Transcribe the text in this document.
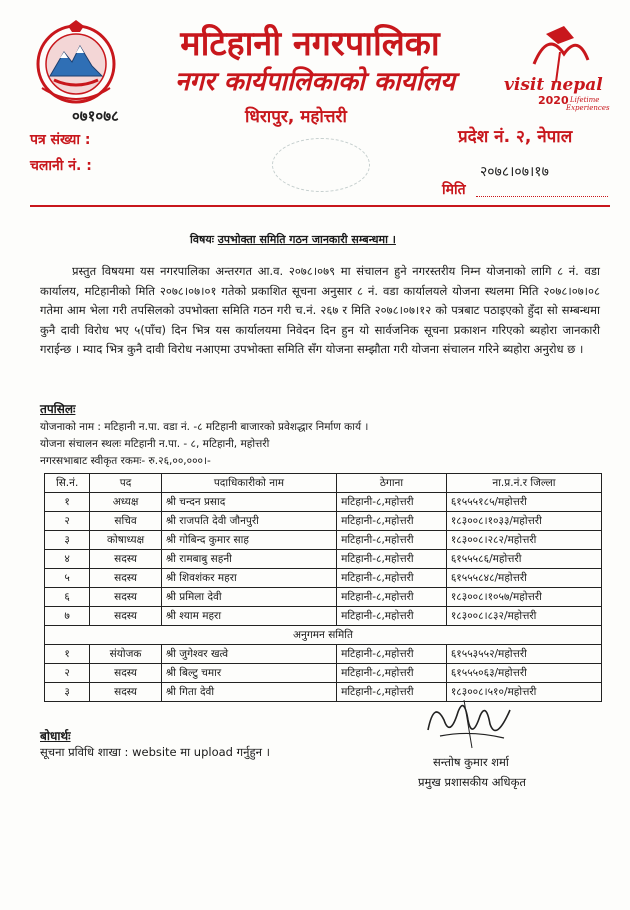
मटिहानी नगरपालिका
नगर कार्यपालिकाको कार्यालय	visit nepal
2020 Lifetime
Experiences
०७१०७८	धिरापुर, महोत्तरी
प्रदेश नं. २, नेपाल
पत्र संख्या :
चलानी नं. :	२०७८।०७।१७
मिति
विषयः उपभोक्ता समिति गठन जानकारी सम्बन्धमा ।
प्रस्तुत विषयमा यस नगरपालिका अन्तरगत आ.व. २०७८।०७९ मा संचालन हुने नगरस्तरीय निम्न योजनाको लागि ८ नं. वडा कार्यालय, मटिहानीको मिति २०७८।०७।०१ गतेको प्रकाशित सूचना अनुसार ८ नं. वडा कार्यालयले योजना स्थलमा मिति २०७८।०७।०८ गतेमा आम भेला गरी तपसिलको उपभोक्ता समिति गठन गरी च.नं. २६७ र मिति २०७८।०७।१२ को पत्रबाट पठाइएको हुँदा सो सम्बन्धमा कुनै दावी विरोध भए ५(पाँच) दिन भित्र यस कार्यालयमा निवेदन दिन हुन यो सार्वजनिक सूचना प्रकाशन गरिएको ब्यहोरा जानकारी गराईन्छ । म्याद भित्र कुनै दावी विरोध नआएमा उपभोक्ता समिति सँग योजना सम्झौता गरी योजना संचालन गरिने ब्यहोरा अनुरोध छ ।
तपसिलः
योजनाको नाम : मटिहानी न.पा. वडा नं. -८ मटिहानी बाजारको प्रवेशद्धार निर्माण कार्य ।
योजना संचालन स्थलः मटिहानी न.पा. - ८, मटिहानी, महोत्तरी
नगरसभाबाट स्वीकृत रकमः- रु.२६,००,०००।-
सि.नं.	पद	पदाधिकारीको नाम	ठेगाना	ना.प्र.नं.र जिल्ला
१	अध्यक्ष	श्री चन्दन प्रसाद	मटिहानी-८,महोत्तरी	६१५५५१८५/महोत्तरी
२	सचिव	श्री राजपति देवी जौनपुरी	मटिहानी-८,महोत्तरी	१८३००८।१०३३/महोत्तरी
३	कोषाध्यक्ष	श्री गोबिन्द कुमार साह	मटिहानी-८,महोत्तरी	१८३००८।२८२/महोत्तरी
४	सदस्य	श्री रामबाबु सहनी	मटिहानी-८,महोत्तरी	६१५५५८६/महोत्तरी
५	सदस्य	श्री शिवशंकर महरा	मटिहानी-८,महोत्तरी	६१५५५८४८/महोत्तरी
६	सदस्य	श्री प्रमिला देवी	मटिहानी-८,महोत्तरी	१८३००८।१०५७/महोत्तरी
७	सदस्य	श्री श्याम महरा	मटिहानी-८,महोत्तरी	१८३००८।८३२/महोत्तरी
अनुगमन समिति				
१	संयोजक	श्री जुगेश्वर खत्वे	मटिहानी-८,महोत्तरी	६१५५३५५२/महोत्तरी
२	सदस्य	श्री बिल्टु चमार	मटिहानी-८,महोत्तरी	६१५५५०६३/महोत्तरी
३	सदस्य	श्री गिता देवी	मटिहानी-८,महोत्तरी	१८३००८।५१०/महोत्तरी
बोधार्थः
सूचना प्रविधि शाखा : website मा upload गर्नुहुन ।
सन्तोष कुमार शर्मा
प्रमुख प्रशासकीय अधिकृत
